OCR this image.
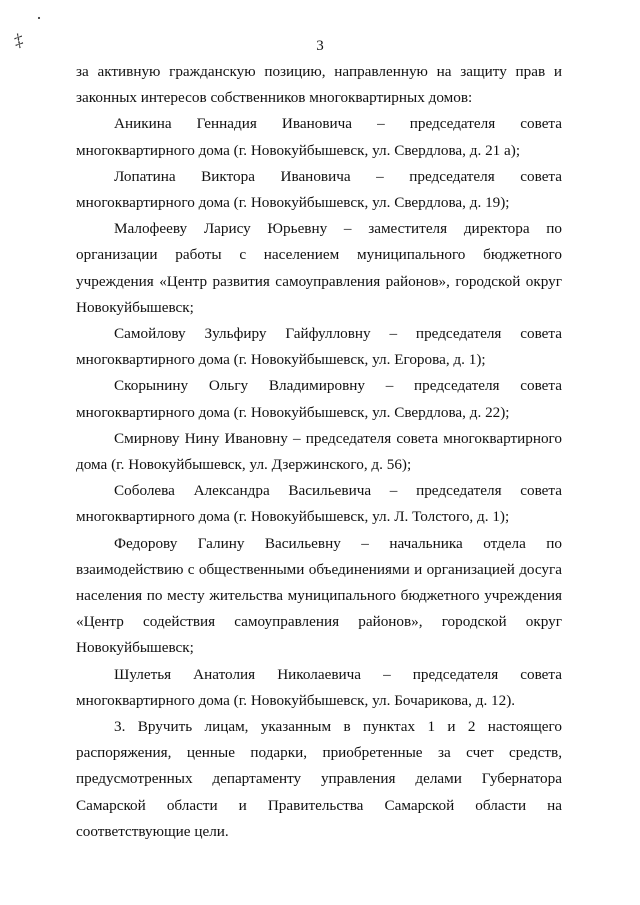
·
‡	3

за активную гражданскую позицию, направленную на защиту прав и законных интересов собственников многоквартирных домов:

Аникина Геннадия Ивановича – председателя совета многоквартирного дома (г. Новокуйбышевск, ул. Свердлова, д. 21 а);

Лопатина Виктора Ивановича – председателя совета многоквартирного дома (г. Новокуйбышевск, ул. Свердлова, д. 19);

Малофееву Ларису Юрьевну – заместителя директора по организации работы с населением муниципального бюджетного учреждения «Центр развития самоуправления районов», городской округ Новокуйбышевск;

Самойлову Зульфиру Гайфулловну – председателя совета многоквартирного дома (г. Новокуйбышевск, ул. Егорова, д. 1);

Скорынину Ольгу Владимировну – председателя совета многоквартирного дома (г. Новокуйбышевск, ул. Свердлова, д. 22);

Смирнову Нину Ивановну – председателя совета многоквартирного дома (г. Новокуйбышевск, ул. Дзержинского, д. 56);

Соболева Александра Васильевича – председателя совета многоквартирного дома (г. Новокуйбышевск, ул. Л. Толстого, д. 1);

Федорову Галину Васильевну – начальника отдела по взаимодействию с общественными объединениями и организацией досуга населения по месту жительства муниципального бюджетного учреждения «Центр содействия самоуправления районов», городской округ Новокуйбышевск;

Шулетья Анатолия Николаевича – председателя совета многоквартирного дома (г. Новокуйбышевск, ул. Бочарикова, д. 12).

3. Вручить лицам, указанным в пунктах 1 и 2 настоящего распоряжения, ценные подарки, приобретенные за счет средств, предусмотренных департаменту управления делами Губернатора Самарской области и Правительства Самарской области на соответствующие цели.
